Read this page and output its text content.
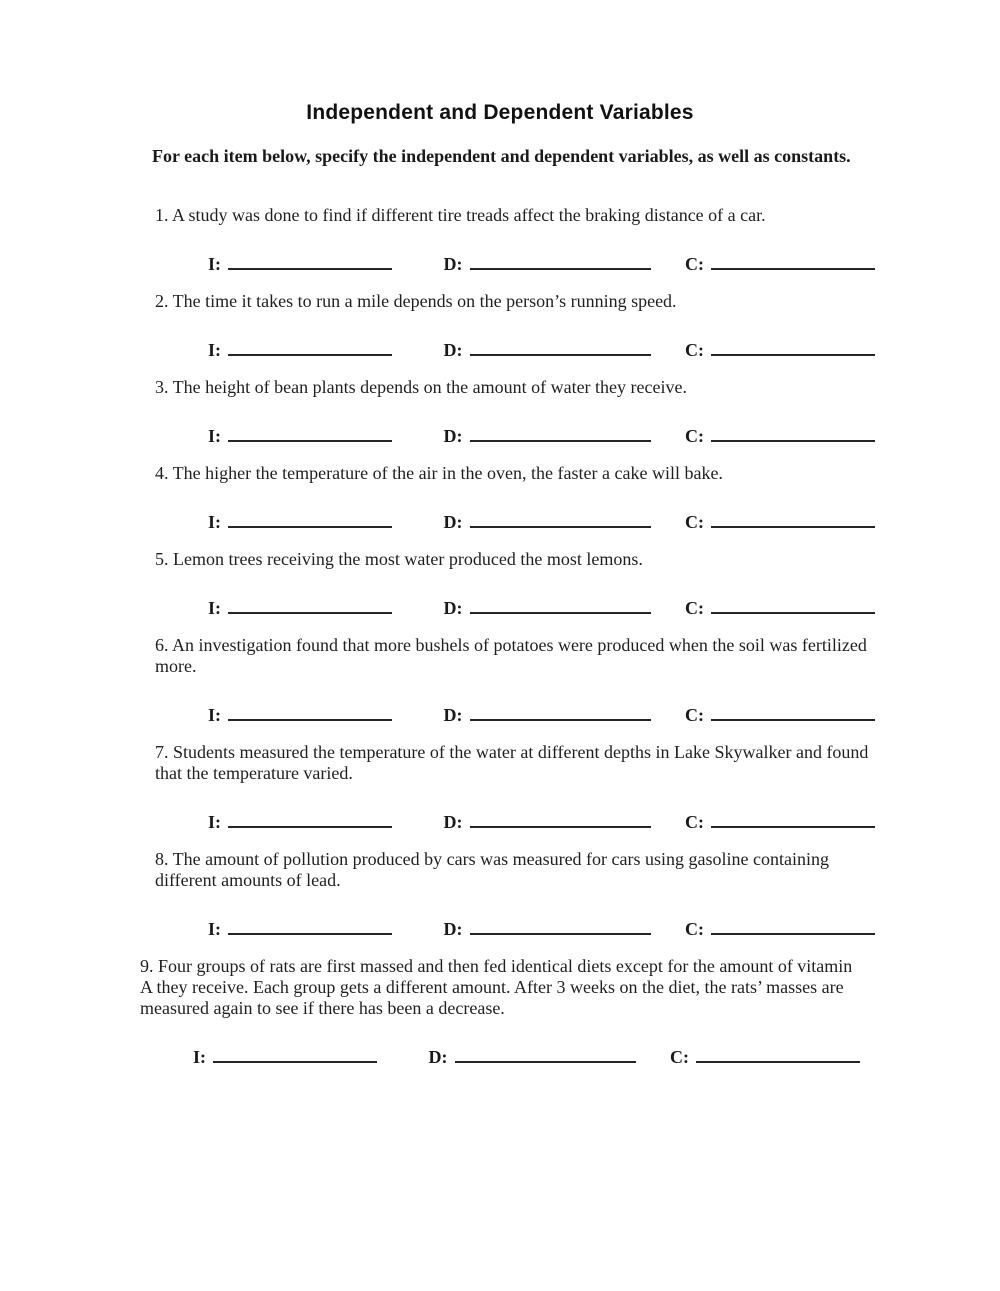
Independent and Dependent Variables

For each item below, specify the independent and dependent variables, as well as constants.

1. A study was done to find if different tire treads affect the braking distance of a car.

I:	D:	C:

2. The time it takes to run a mile depends on the person’s running speed.

I:	D:	C:

3. The height of bean plants depends on the amount of water they receive.

I:	D:	C:

4. The higher the temperature of the air in the oven, the faster a cake will bake.

I:	D:	C:

5. Lemon trees receiving the most water produced the most lemons.

I:	D:	C:

6. An investigation found that more bushels of potatoes were produced when the soil was fertilized more.

I:	D:	C:

7. Students measured the temperature of the water at different depths in Lake Skywalker and found that the temperature varied.

I:	D:	C:

8. The amount of pollution produced by cars was measured for cars using gasoline containing different amounts of lead.

I:	D:	C:

9. Four groups of rats are first massed and then fed identical diets except for the amount of vitamin A they receive. Each group gets a different amount. After 3 weeks on the diet, the rats’ masses are measured again to see if there has been a decrease.

I:	D:	C:
